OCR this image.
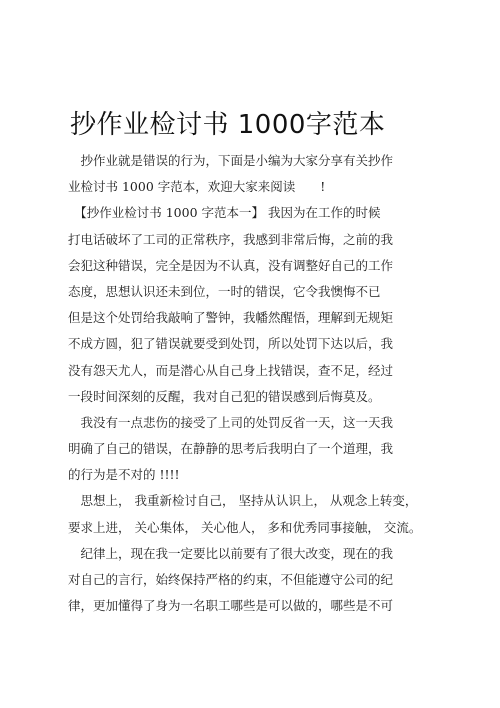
抄作业检讨书 1000字范本
　抄作业就是错误的行为，下面是小编为大家分享有关抄作
业检讨书 1000 字范本，欢迎大家来阅读　　!
　【抄作业检讨书 1000 字范本一】 我因为在工作的时候
打电话破坏了工司的正常秩序，我感到非常后悔，之前的我
会犯这种错误，完全是因为不认真，没有调整好自己的工作
态度，思想认识还未到位，一时的错误，它令我懊悔不已
但是这个处罚给我敲响了警钟，我幡然醒悟，理解到无规矩
不成方圆，犯了错误就要受到处罚，所以处罚下达以后，我
没有怨天尤人，而是潜心从自己身上找错误，查不足，经过
一段时间深刻的反醒，我对自己犯的错误感到后悔莫及。
　我没有一点悲伤的接受了上司的处罚反省一天，这一天我
明确了自己的错误，在静静的思考后我明白了一个道理，我
的行为是不对的 !!!!
　思想上， 我重新检讨自己， 坚持从认识上， 从观念上转变，
要求上进， 关心集体， 关心他人， 多和优秀同事接触， 交流。
　纪律上，现在我一定要比以前要有了很大改变，现在的我
对自己的言行，始终保持严格的约束，不但能遵守公司的纪
律，更加懂得了身为一名职工哪些是可以做的，哪些是不可
